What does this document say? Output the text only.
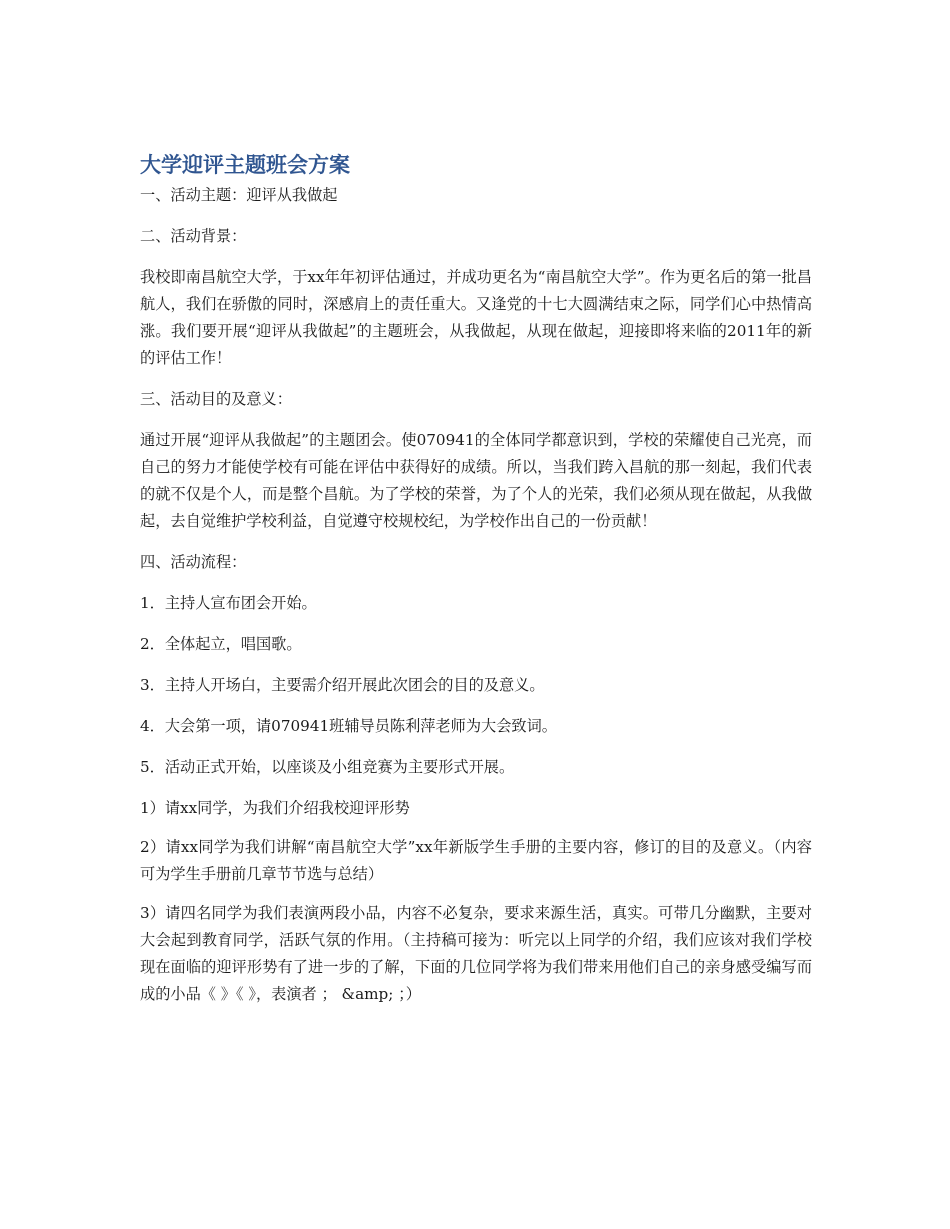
大学迎评主题班会方案

一、活动主题：迎评从我做起

二、活动背景：

我校即南昌航空大学，于xx年年初评估通过，并成功更名为“南昌航空大学”。作为更名后的第一批昌航人，我们在骄傲的同时，深感肩上的责任重大。又逢党的十七大圆满结束之际，同学们心中热情高涨。我们要开展“迎评从我做起”的主题班会，从我做起，从现在做起，迎接即将来临的2011年的新的评估工作！

三、活动目的及意义：

通过开展“迎评从我做起”的主题团会。使070941的全体同学都意识到，学校的荣耀使自己光亮，而自己的努力才能使学校有可能在评估中获得好的成绩。所以，当我们跨入昌航的那一刻起，我们代表的就不仅是个人，而是整个昌航。为了学校的荣誉，为了个人的光荣，我们必须从现在做起，从我做起，去自觉维护学校利益，自觉遵守校规校纪，为学校作出自己的一份贡献！

四、活动流程：

1．主持人宣布团会开始。

2．全体起立，唱国歌。

3．主持人开场白，主要需介绍开展此次团会的目的及意义。

4．大会第一项，请070941班辅导员陈利萍老师为大会致词。

5．活动正式开始，以座谈及小组竞赛为主要形式开展。

1）请xx同学，为我们介绍我校迎评形势

2）请xx同学为我们讲解“南昌航空大学”xx年新版学生手册的主要内容，修订的目的及意义。（内容可为学生手册前几章节节选与总结）

3）请四名同学为我们表演两段小品，内容不必复杂，要求来源生活，真实。可带几分幽默，主要对大会起到教育同学，活跃气氛的作用。（主持稿可接为：听完以上同学的介绍，我们应该对我们学校现在面临的迎评形势有了进一步的了解，下面的几位同学将为我们带来用他们自己的亲身感受编写而成的小品《 》《 》，表演者 ； &amp; ；）
